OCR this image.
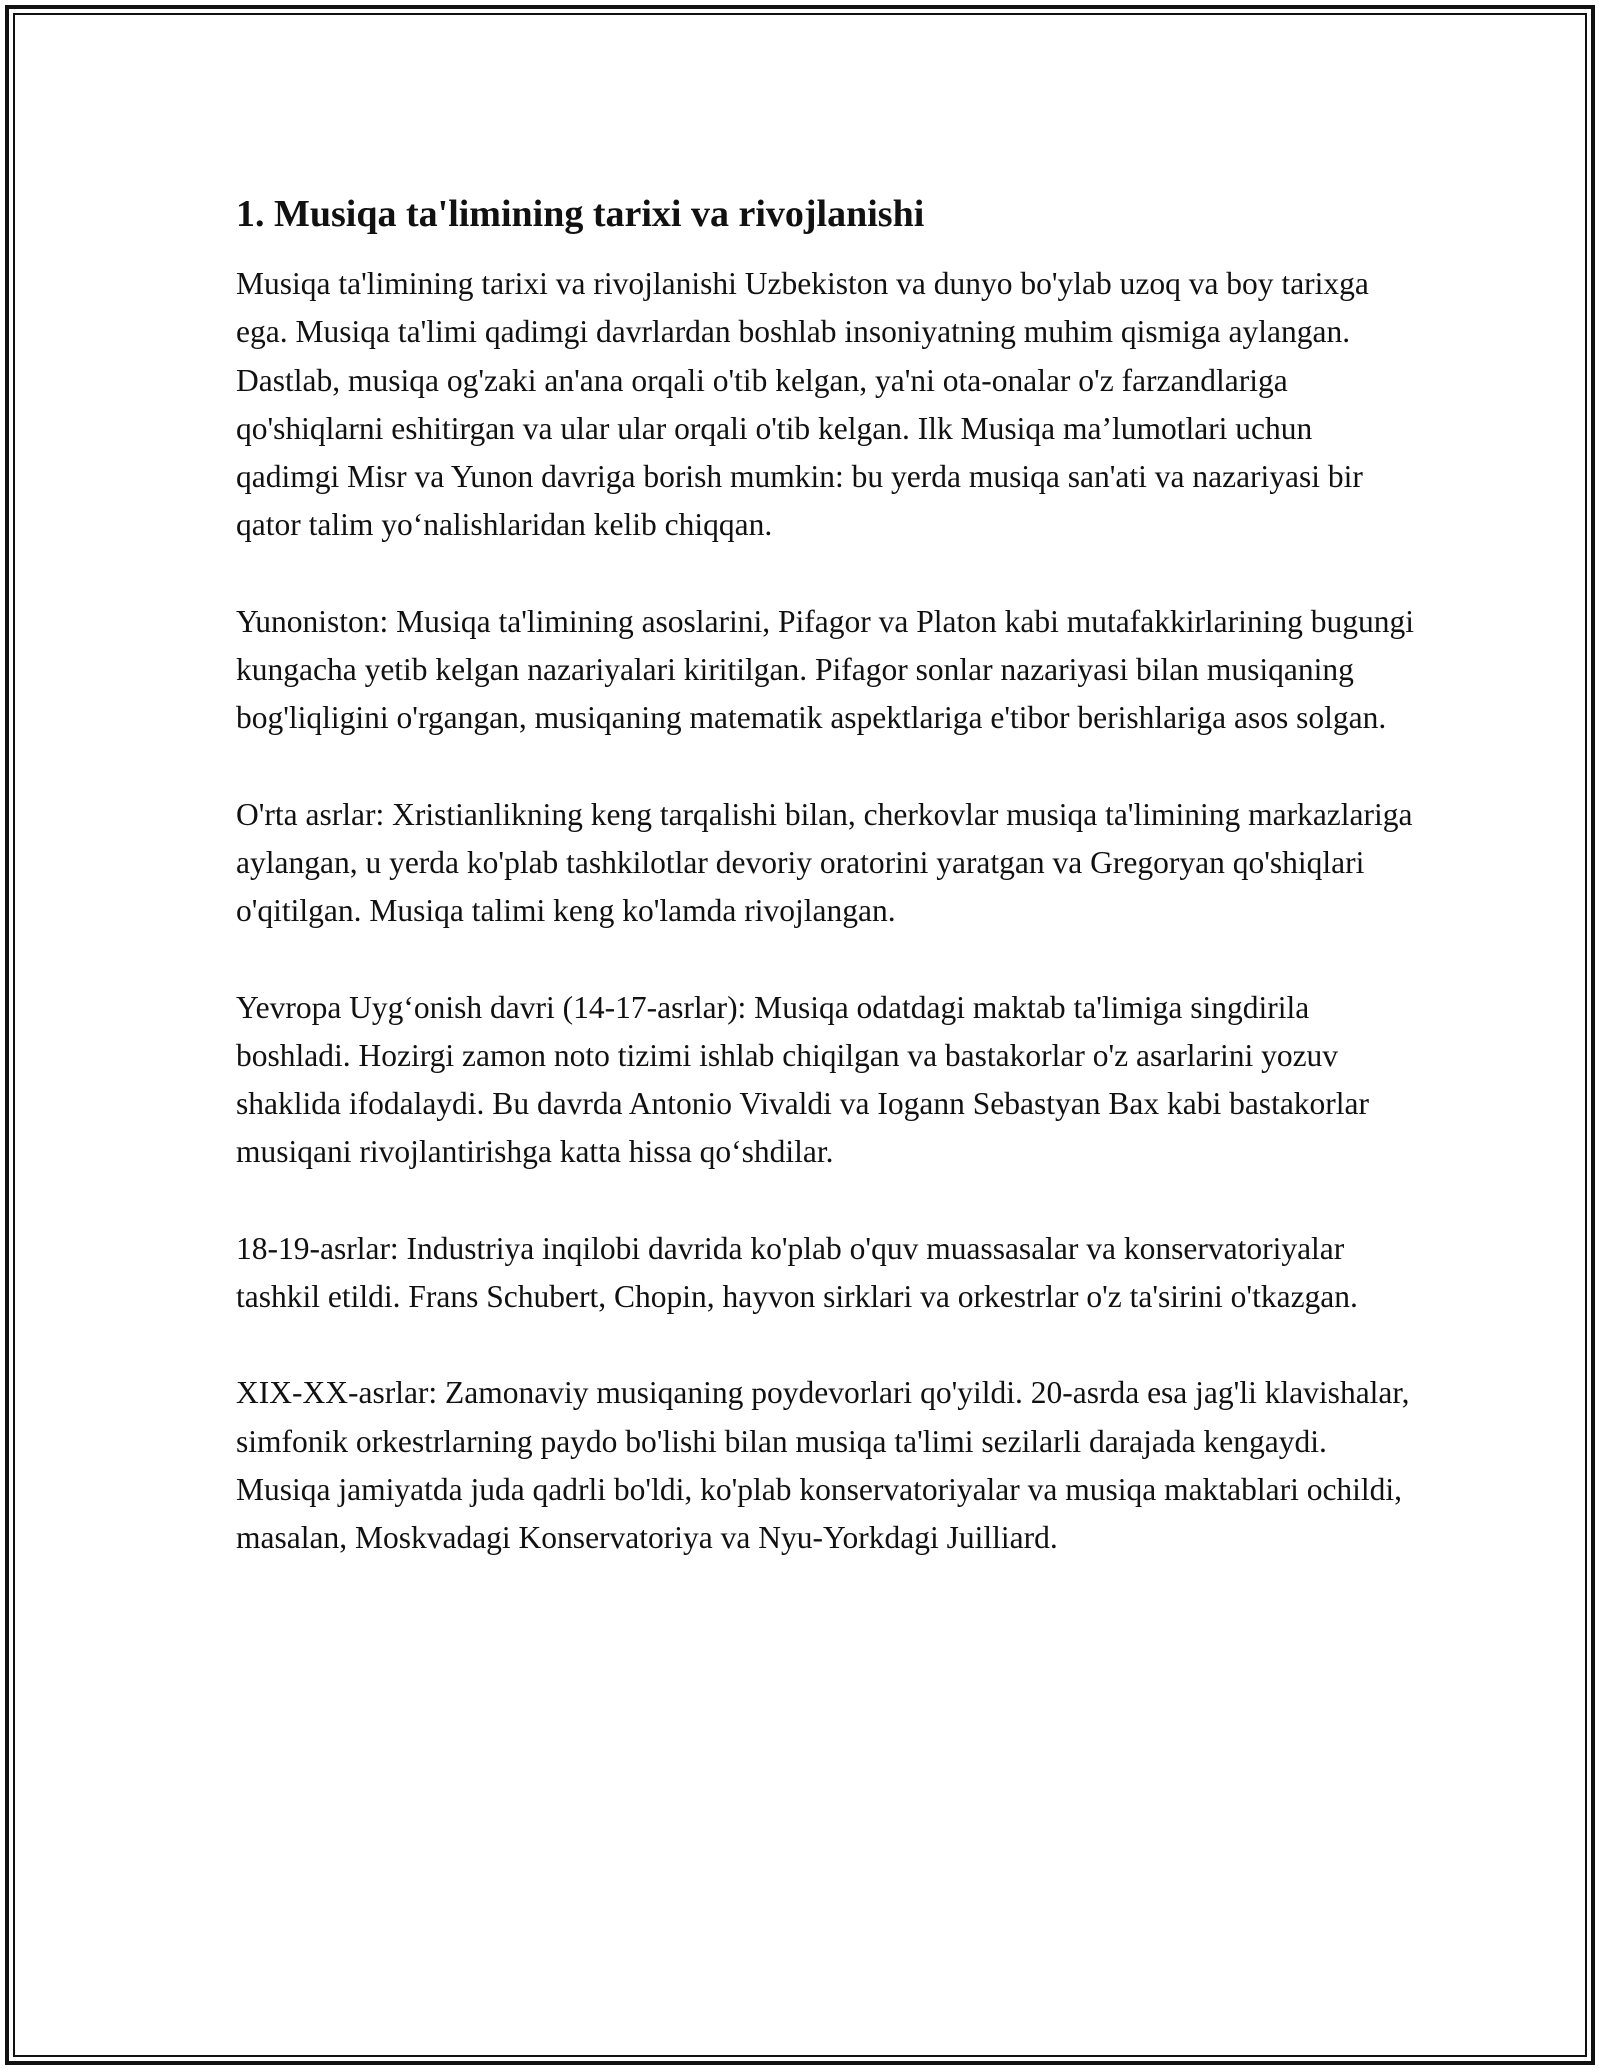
1. Musiqa ta'limining tarixi va rivojlanishi

Musiqa ta'limining tarixi va rivojlanishi Uzbekiston va dunyo bo'ylab uzoq va boy tarixga ega. Musiqa ta'limi qadimgi davrlardan boshlab insoniyatning muhim qismiga aylangan. Dastlab, musiqa og'zaki an'ana orqali o'tib kelgan, ya'ni ota-onalar o'z farzandlariga qo'shiqlarni eshitirgan va ular ular orqali o'tib kelgan. Ilk Musiqa ma’lumotlari uchun qadimgi Misr va Yunon davriga borish mumkin: bu yerda musiqa san'ati va nazariyasi bir qator talim yo‘nalishlaridan kelib chiqqan.

Yunoniston: Musiqa ta'limining asoslarini, Pifagor va Platon kabi mutafakkirlarining bugungi kungacha yetib kelgan nazariyalari kiritilgan. Pifagor sonlar nazariyasi bilan musiqaning bog'liqligini o'rgangan, musiqaning matematik aspektlariga e'tibor berishlariga asos solgan.

O'rta asrlar: Xristianlikning keng tarqalishi bilan, cherkovlar musiqa ta'limining markazlariga aylangan, u yerda ko'plab tashkilotlar devoriy oratorini yaratgan va Gregoryan qo'shiqlari o'qitilgan. Musiqa talimi keng ko'lamda rivojlangan.

Yevropa Uyg‘onish davri (14-17-asrlar): Musiqa odatdagi maktab ta'limiga singdirila boshladi. Hozirgi zamon noto tizimi ishlab chiqilgan va bastakorlar o'z asarlarini yozuv shaklida ifodalaydi. Bu davrda Antonio Vivaldi va Iogann Sebastyan Bax kabi bastakorlar musiqani rivojlantirishga katta hissa qo‘shdilar.

18-19-asrlar: Industriya inqilobi davrida ko'plab o'quv muassasalar va konservatoriyalar tashkil etildi. Frans Schubert, Chopin, hayvon sirklari va orkestrlar o'z ta'sirini o'tkazgan.

XIX-XX-asrlar: Zamonaviy musiqaning poydevorlari qo'yildi. 20-asrda esa jag'li klavishalar, simfonik orkestrlarning paydo bo'lishi bilan musiqa ta'limi sezilarli darajada kengaydi. Musiqa jamiyatda juda qadrli bo'ldi, ko'plab konservatoriyalar va musiqa maktablari ochildi, masalan, Moskvadagi Konservatoriya va Nyu-Yorkdagi Juilliard.
